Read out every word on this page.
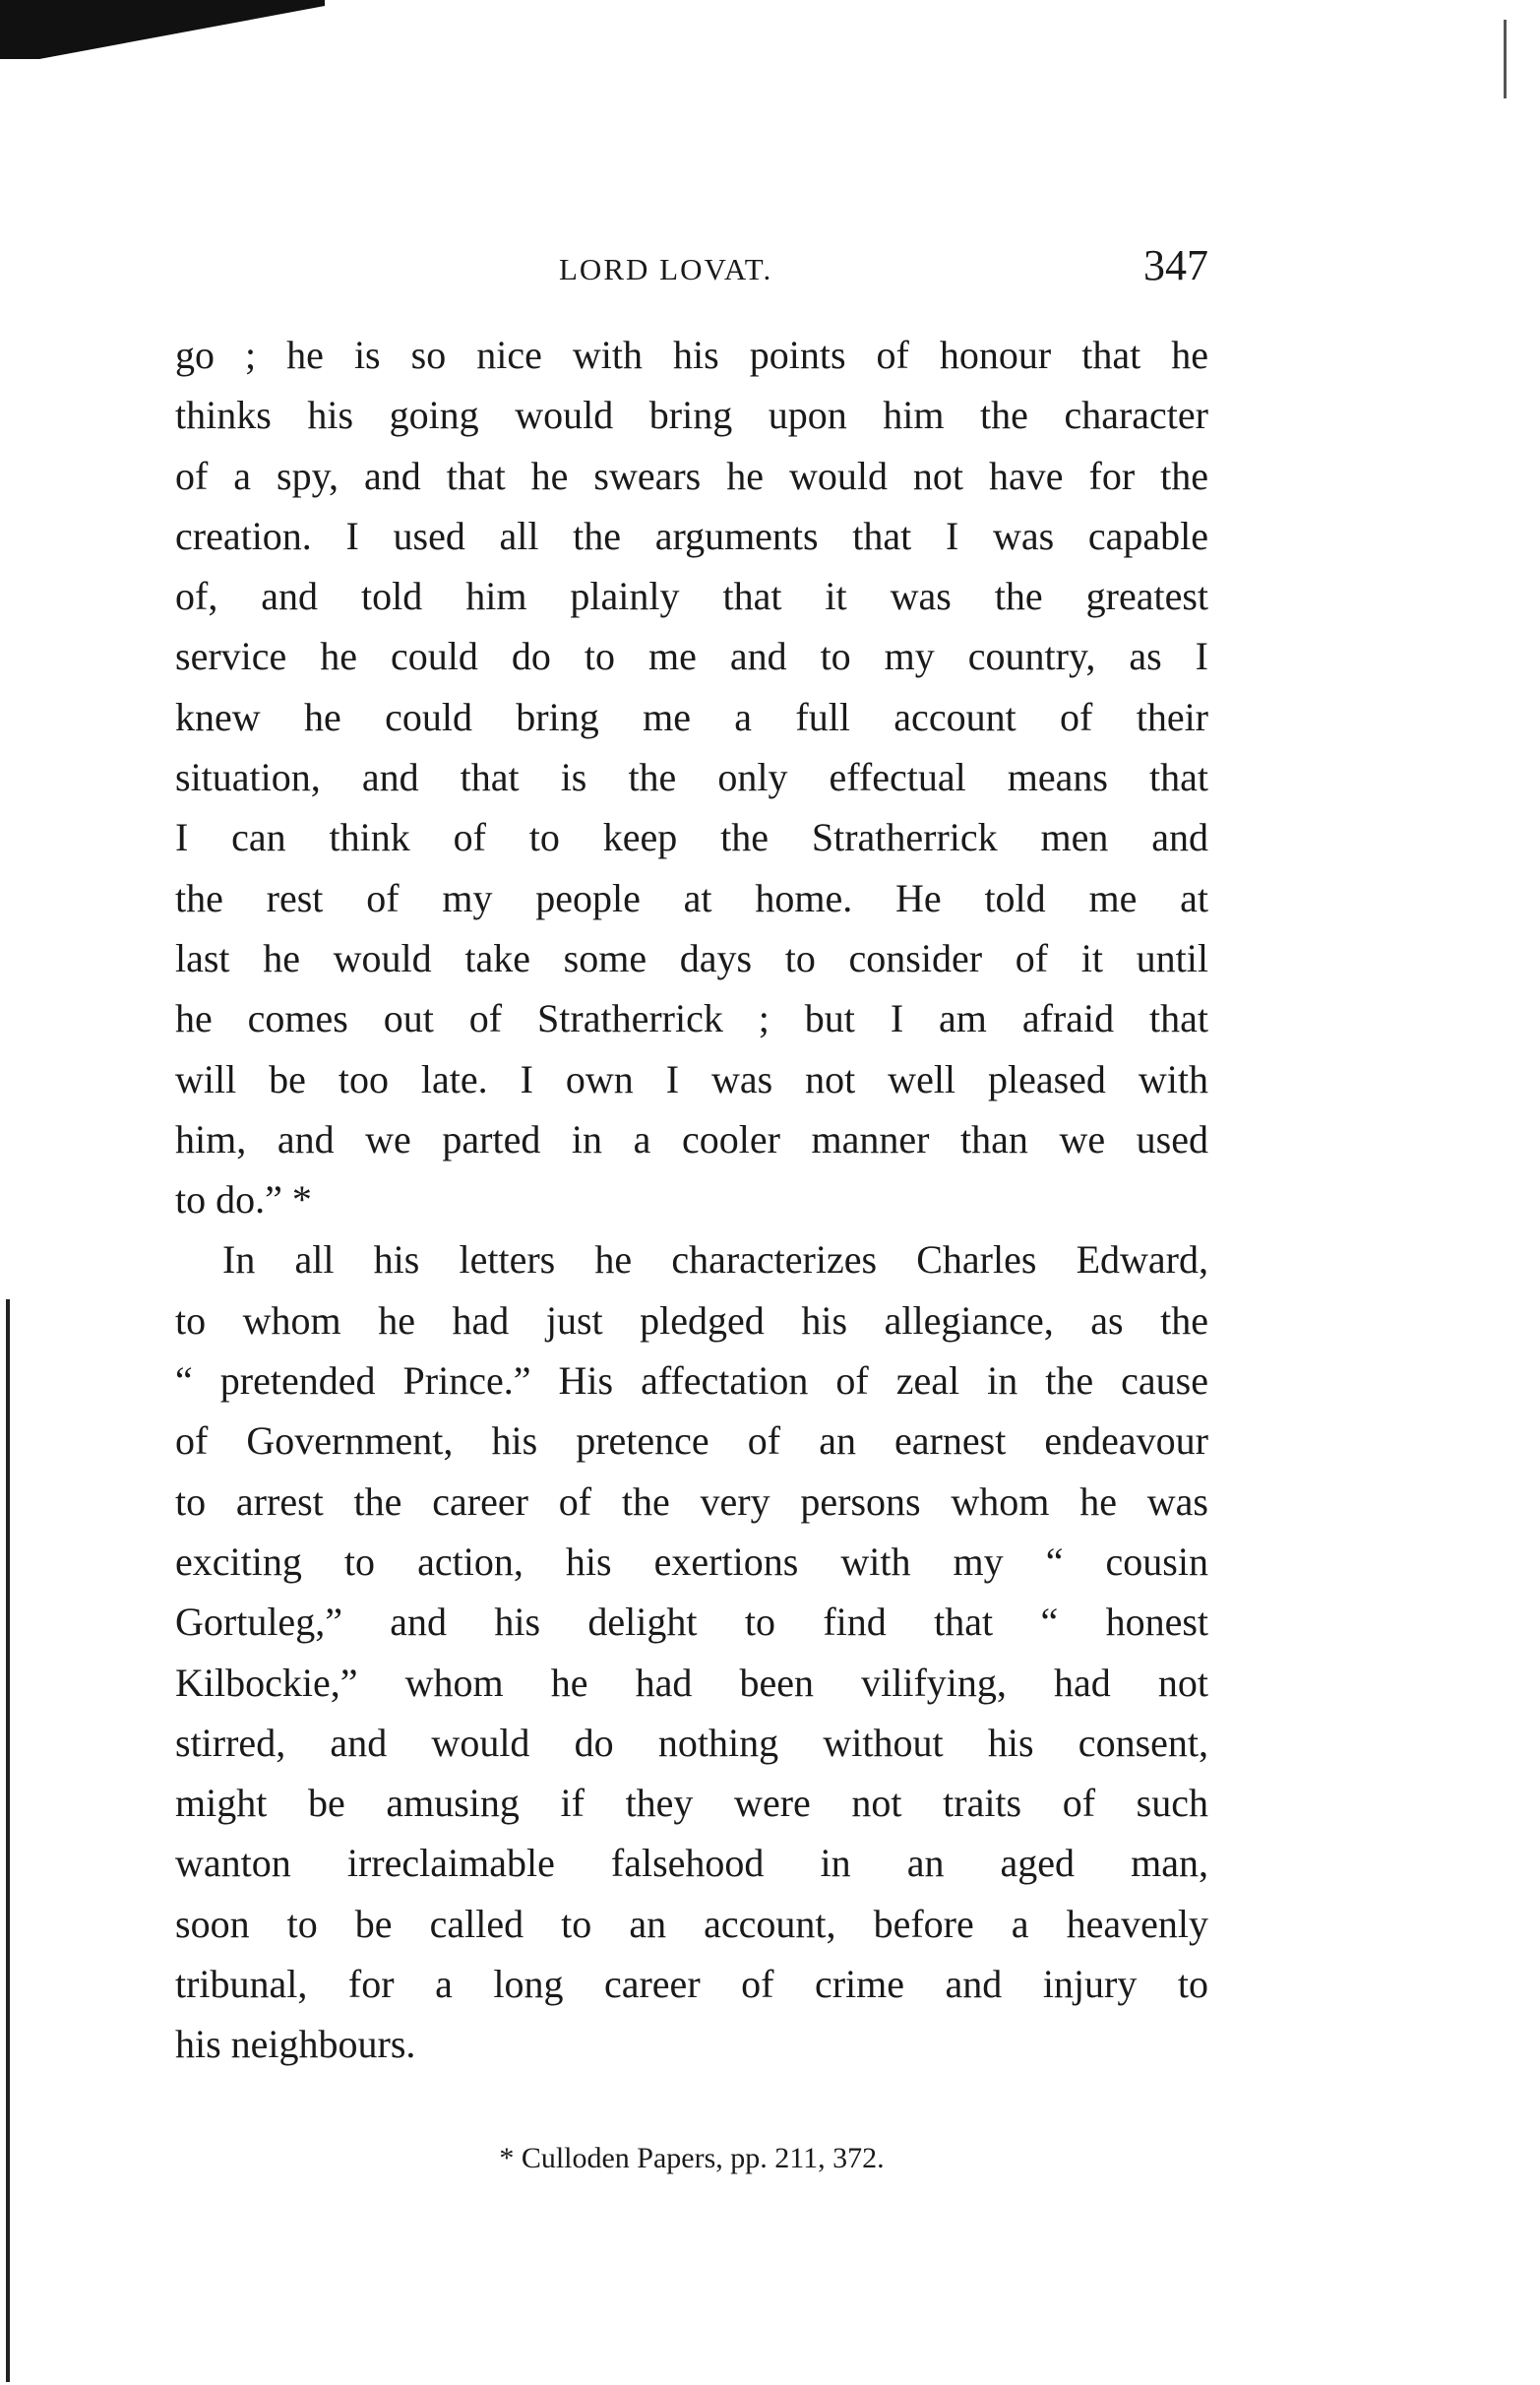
LORD LOVAT.	347
go ; he is so nice with his points of honour that he
thinks his going would bring upon him the character
of a spy, and that he swears he would not have for the
creation. I used all the arguments that I was capable
of, and told him plainly that it was the greatest
service he could do to me and to my country, as I
knew he could bring me a full account of their
situation, and that is the only effectual means that
I can think of to keep the Stratherrick men and
the rest of my people at home. He told me at
last he would take some days to consider of it until
he comes out of Stratherrick ; but I am afraid that
will be too late. I own I was not well pleased with
him, and we parted in a cooler manner than we used
to do.” *
In all his letters he characterizes Charles Edward,
to whom he had just pledged his allegiance, as the
“ pretended Prince.” His affectation of zeal in the cause
of Government, his pretence of an earnest endeavour
to arrest the career of the very persons whom he was
exciting to action, his exertions with my “ cousin
Gortuleg,” and his delight to find that “ honest
Kilbockie,” whom he had been vilifying, had not
stirred, and would do nothing without his consent,
might be amusing if they were not traits of such
wanton irreclaimable falsehood in an aged man,
soon to be called to an account, before a heavenly
tribunal, for a long career of crime and injury to
his neighbours.
* Culloden Papers, pp. 211, 372.
